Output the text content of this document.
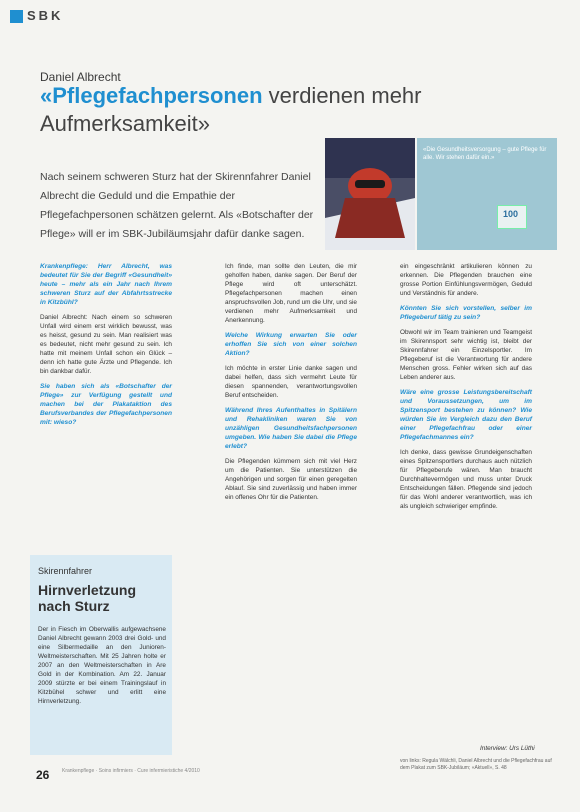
SBK
Daniel Albrecht
«Pflegefachpersonen verdienen mehr
Aufmerksamkeit»
Nach seinem schweren Sturz hat der Skirennfahrer Daniel Albrecht die Geduld und die Empathie der Pflegefachpersonen schätzen gelernt. Als «Botschafter der Pflege» will er im SBK-Jubiläumsjahr dafür danke sagen.
«Die Gesundheitsversorgung – gute Pflege für alle. Wir stehen dafür ein.»
100

Krankenpflege: Herr Albrecht, was bedeutet für Sie der Begriff «Gesundheit» heute – mehr als ein Jahr nach Ihrem schweren Sturz auf der Abfahrtsstrecke in Kitzbühl?

Daniel Albrecht: Nach einem so schweren Unfall wird einem erst wirklich bewusst, was es heisst, gesund zu sein. Man realisiert was es bedeutet, nicht mehr gesund zu sein. Ich hatte mit meinem Unfall schon ein Glück – denn ich hatte gute Ärzte und Pflegende. Ich bin dankbar dafür.

Sie haben sich als «Botschafter der Pflege» zur Verfügung gestellt und machen bei der Plakataktion des Berufsverbandes der Pflegefachpersonen mit: wieso?

Skirennfahrer
Hirnverletzung nach Sturz
Der in Fiesch im Oberwallis aufgewachsene Daniel Albrecht gewann 2003 drei Gold- und eine Silbermedaille an den Junioren-Weltmeisterschaften. Mit 25 Jahren holte er 2007 an den Weltmeisterschaften in Are Gold in der Kombination. Am 22. Januar 2009 stürzte er bei einem Trainingslauf in Kitzbühel schwer und erlitt eine Hirnverletzung.

Ich finde, man sollte den Leuten, die mir geholfen haben, danke sagen. Der Beruf der Pflege wird oft unterschätzt. Pflegefachpersonen machen einen anspruchsvollen Job, rund um die Uhr, und sie verdienen mehr Aufmerksamkeit und Anerkennung.

Welche Wirkung erwarten Sie oder erhoffen Sie sich von einer solchen Aktion?

Ich möchte in erster Linie danke sagen und dabei helfen, dass sich vermehrt Leute für diesen spannenden, verantwortungsvollen Beruf entscheiden.

Während Ihres Aufenthaltes in Spitälern und Rehakliniken waren Sie von unzähligen Gesundheitsfachpersonen umgeben. Wie haben Sie dabei die Pflege erlebt?

Die Pflegenden kümmern sich mit viel Herz um die Patienten. Sie unterstützen die Angehörigen und sorgen für einen geregelten Ablauf. Sie sind zuverlässig und haben immer ein offenes Ohr für die Patienten.

ein eingeschränkt artikulieren können zu erkennen. Die Pflegenden brauchen eine grosse Portion Einfühlungsvermögen, Geduld und Verständnis für andere.

Könnten Sie sich vorstellen, selber im Pflegeberuf tätig zu sein?

Obwohl wir im Team trainieren und Teamgeist im Skirennsport sehr wichtig ist, bleibt der Skirennfahrer ein Einzelsportler. Im Pflegeberuf ist die Verantwortung für andere Menschen gross. Fehler wirken sich auf das Leben anderer aus.

Wäre eine grosse Leistungsbereitschaft und Voraussetzungen, um im Spitzensport bestehen zu können? Wie würden Sie im Vergleich dazu den Beruf einer Pflegefachfrau oder einer Pflegefachmannes ein?

Ich denke, dass gewisse Grundeigenschaften eines Spitzensportlers durchaus auch nützlich für Pflegeberufe wären. Man braucht Durchhaltevermögen und muss unter Druck Entscheidungen fällen. Pflegende sind jedoch für das Wohl anderer verantwortlich, was ich als ungleich schwieriger empfinde.

Interview: Urs Lüthi
von links: Regula Wälchli, Daniel Albrecht und die Pflegefachfrau auf dem Plakat zum SBK-Jubiläum; «Aktuell», S. 48
26	Krankenpflege · Soins infirmiers · Cure infermieristiche 4/2010
